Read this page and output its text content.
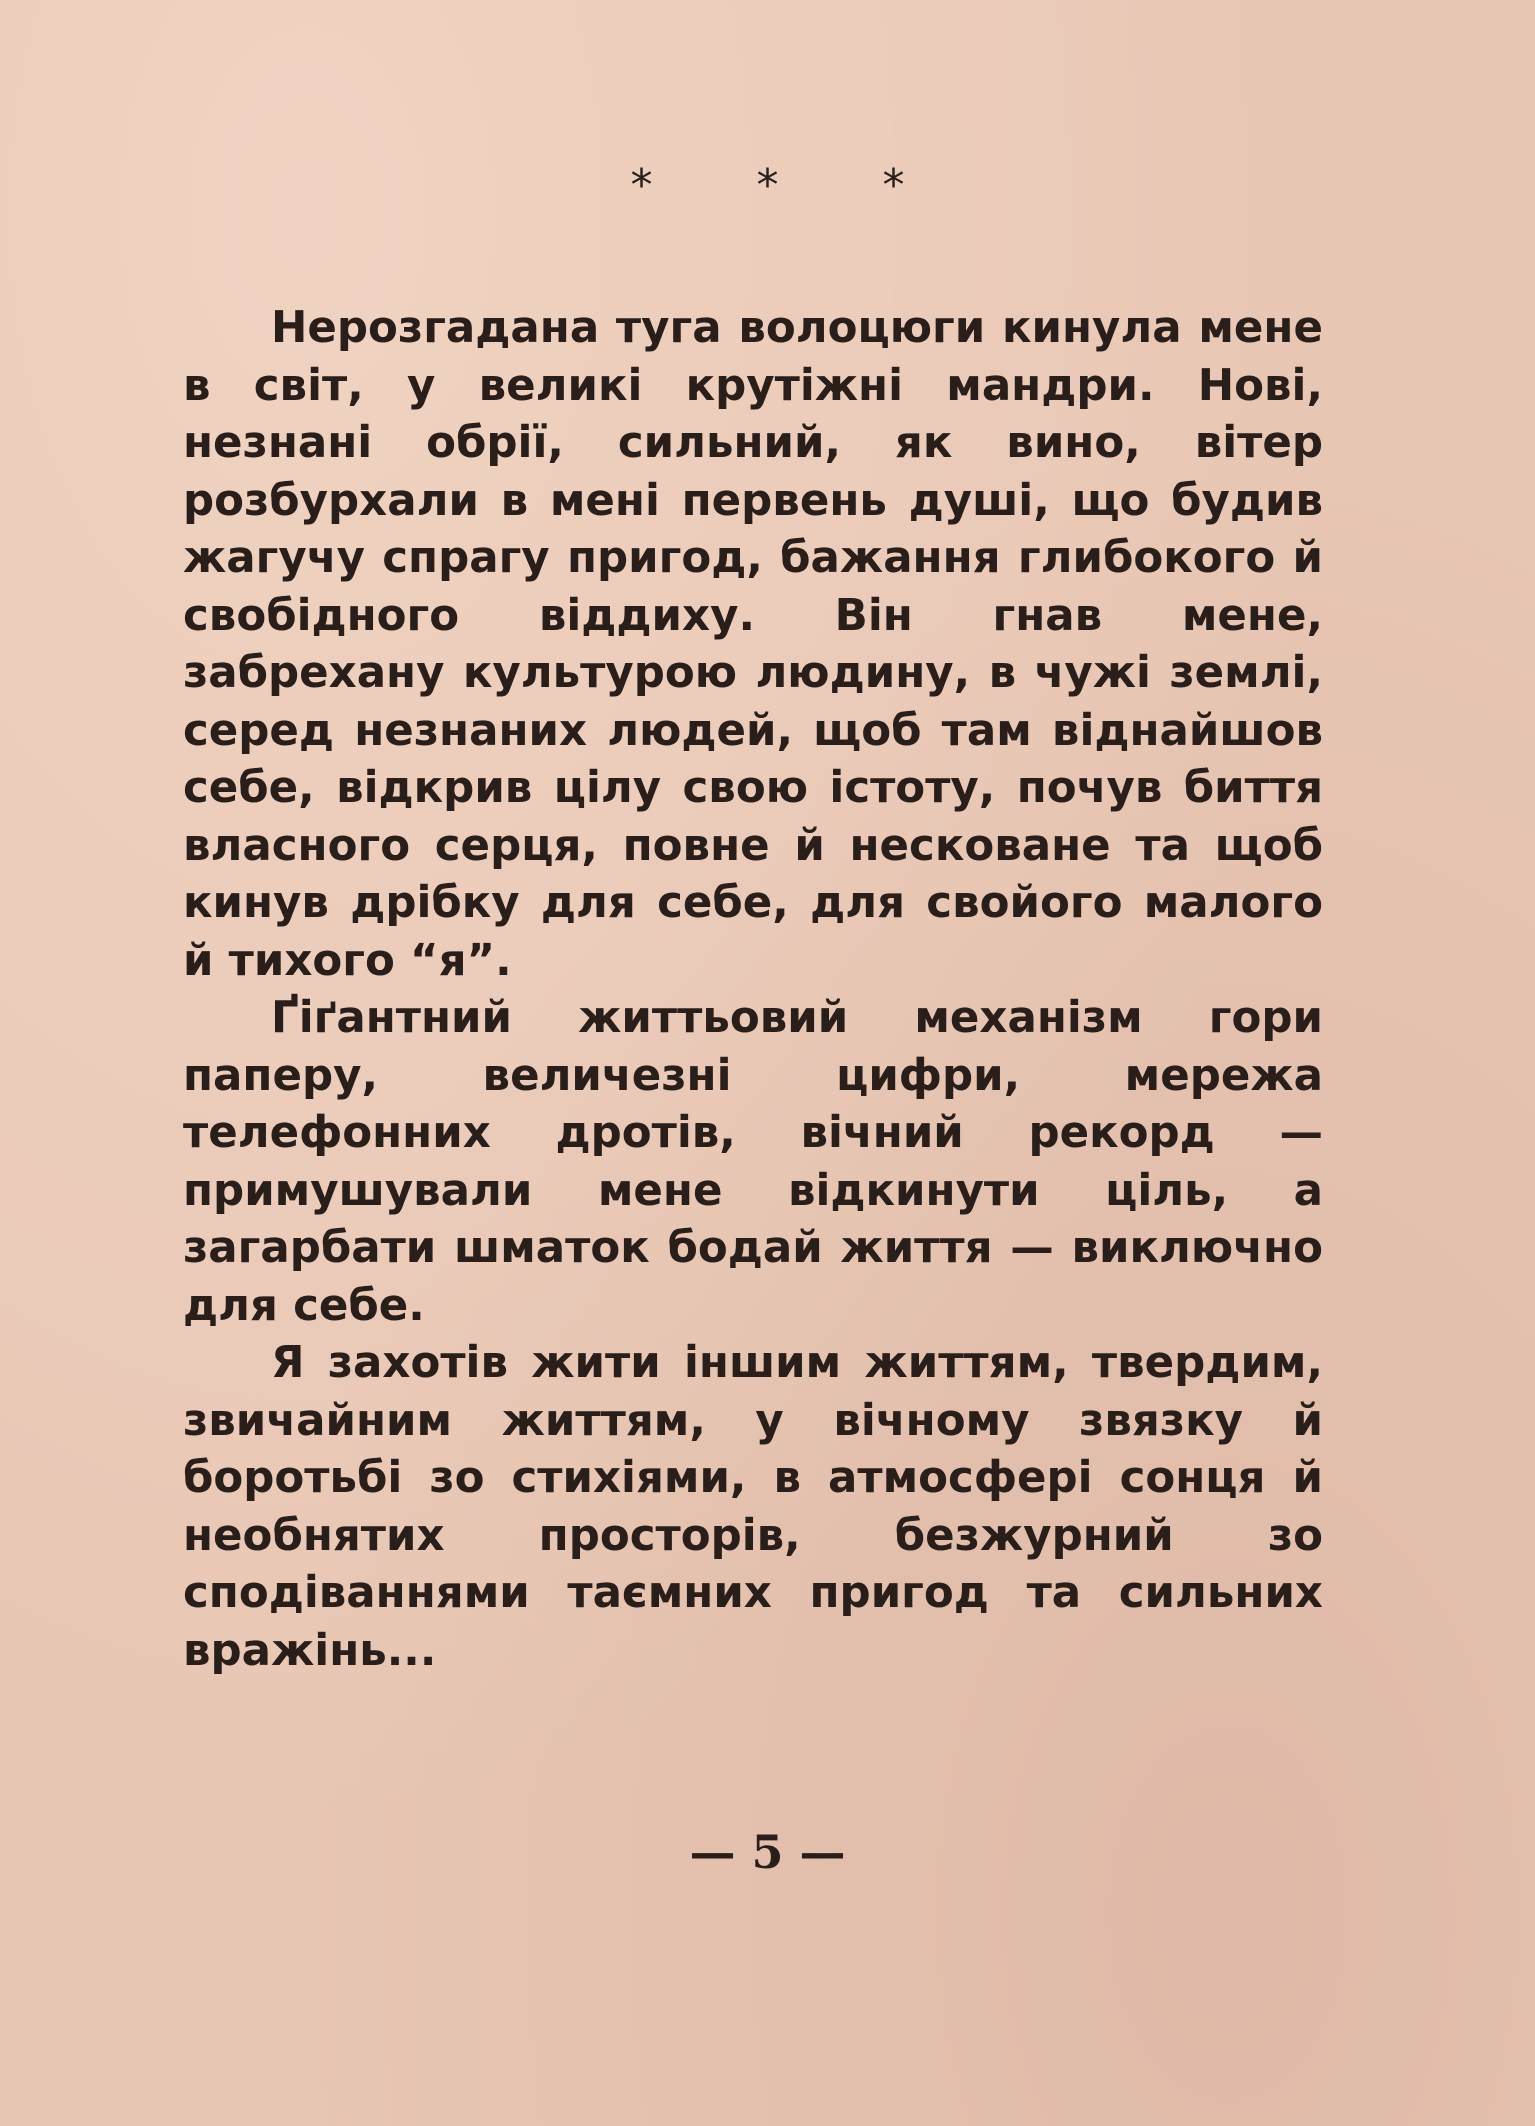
* * *

Нерозгадана туга волоцюги кинула мене в світ, у великі крутіжні мандри. Нові, незнані обрії, сильний, як вино, вітер розбурхали в мені первень душі, що будив жагучу спрагу пригод, бажання глибокого й свобідного віддиху. Він гнав мене, забрехану культурою людину, в чужі землі, серед незнаних людей, щоб там віднайшов себе, відкрив цілу свою істоту, почув биття власного серця, повне й несковане та щоб кинув дрібку для себе, для свойого малого й тихого “я”.

Ґіґантний життьовий механізм гори паперу, величезні цифри, мережа телефонних дротів, вічний рекорд — примушували мене відкинути ціль, а загарбати шматок бодай життя — виключно для себе.

Я захотів жити іншим життям, твердим, звичайним життям, у вічному звязку й боротьбі зо стихіями, в атмосфері сонця й необнятих просторів, безжурний зо сподіваннями таємних пригод та сильних вражінь...

— 5 —
